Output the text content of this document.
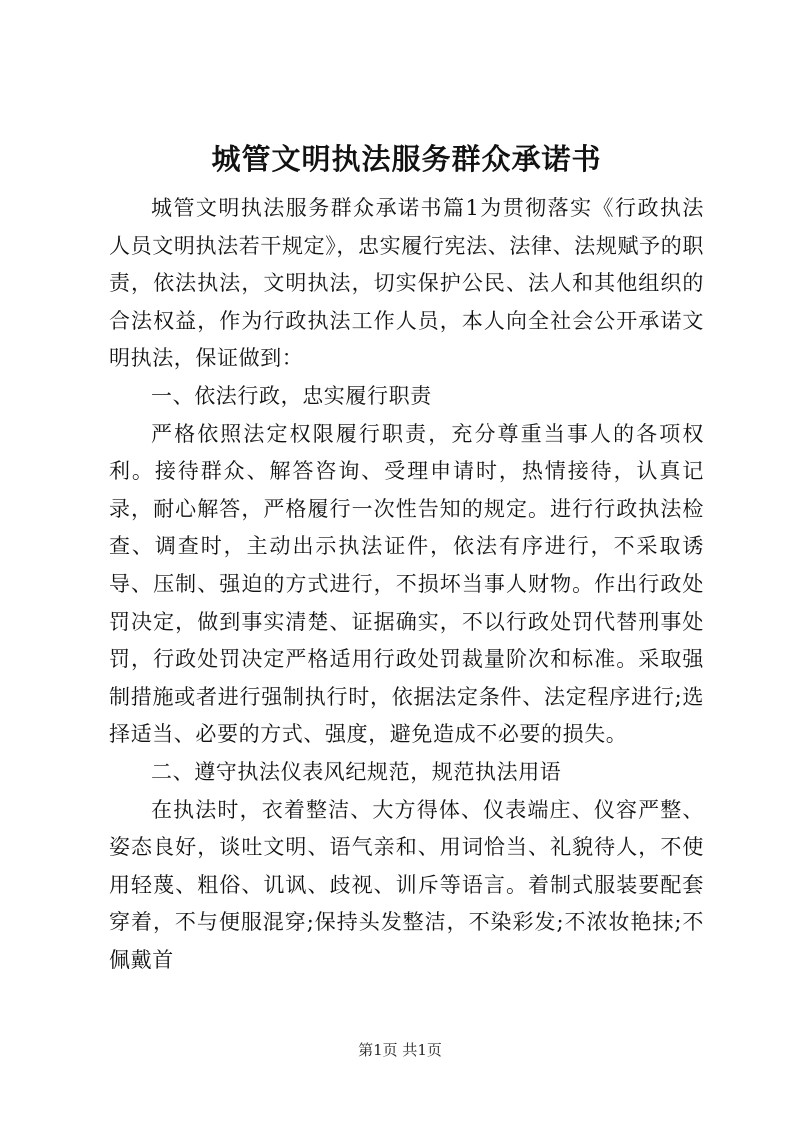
城管文明执法服务群众承诺书

城管文明执法服务群众承诺书篇1为贯彻落实《行政执法人员文明执法若干规定》，忠实履行宪法、法律、法规赋予的职责，依法执法，文明执法，切实保护公民、法人和其他组织的合法权益，作为行政执法工作人员，本人向全社会公开承诺文明执法，保证做到：

一、依法行政，忠实履行职责

严格依照法定权限履行职责，充分尊重当事人的各项权利。接待群众、解答咨询、受理申请时，热情接待，认真记录，耐心解答，严格履行一次性告知的规定。进行行政执法检查、调查时，主动出示执法证件，依法有序进行，不采取诱导、压制、强迫的方式进行，不损坏当事人财物。作出行政处罚决定，做到事实清楚、证据确实，不以行政处罚代替刑事处罚，行政处罚决定严格适用行政处罚裁量阶次和标准。采取强制措施或者进行强制执行时，依据法定条件、法定程序进行;选择适当、必要的方式、强度，避免造成不必要的损失。

二、遵守执法仪表风纪规范，规范执法用语

在执法时，衣着整洁、大方得体、仪表端庄、仪容严整、姿态良好，谈吐文明、语气亲和、用词恰当、礼貌待人，不使用轻蔑、粗俗、讥讽、歧视、训斥等语言。着制式服装要配套穿着，不与便服混穿;保持头发整洁，不染彩发;不浓妆艳抹;不佩戴首

第1页 共1页
